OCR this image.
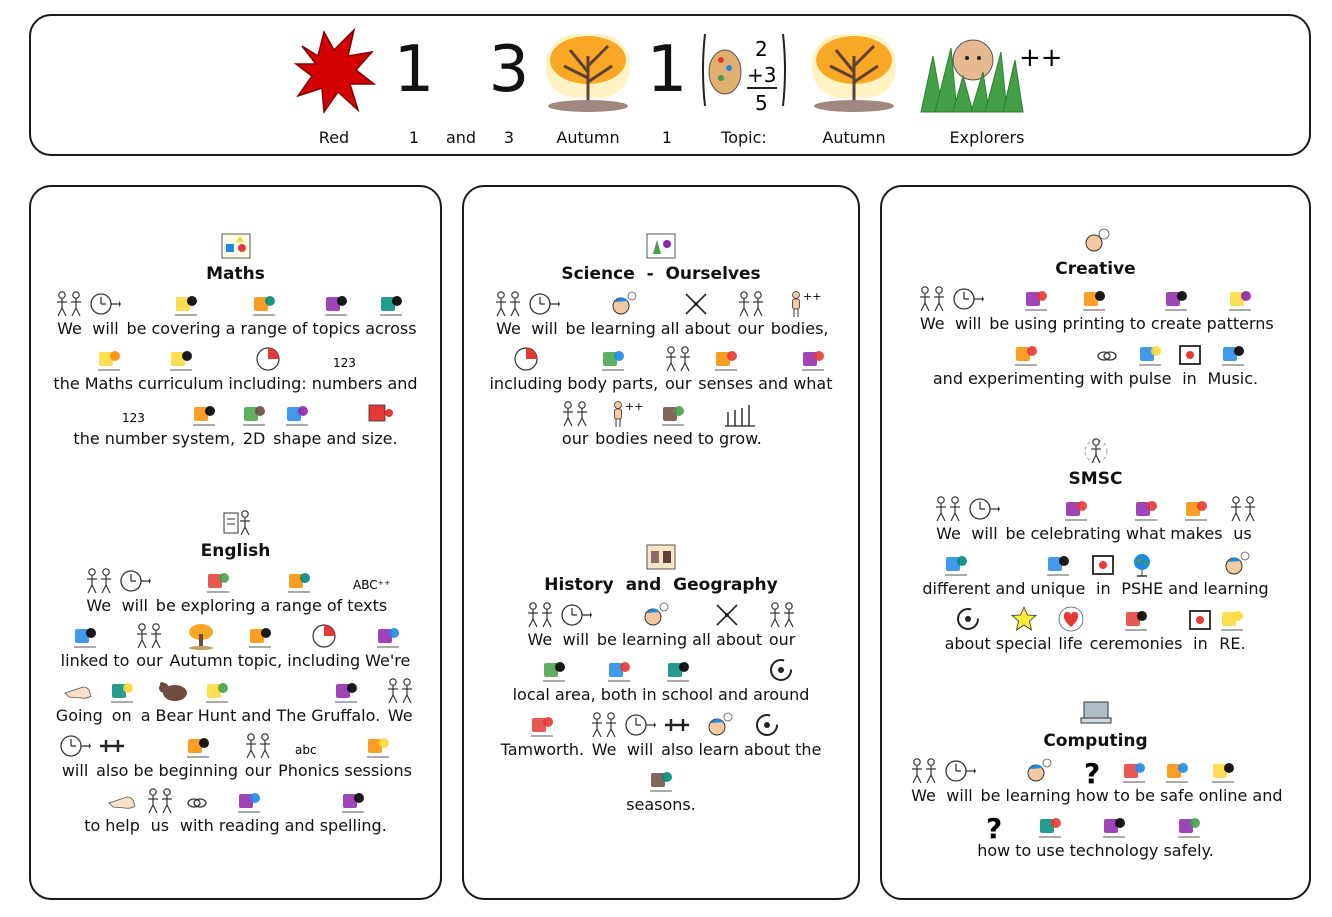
Red
1
1	and
3
3	Autumn
1
1
2
+3
5
Topic:	Autumn
++
Explorers
Maths
We will be covering a range of topics across
the Maths curriculum including:
123
numbers and
the
123
number system, 2D shape and size.
English
We will be exploring a range of
ABC⁺⁺
texts
linked to our Autumn topic, including We're
Going on a Bear Hunt and The Gruffalo. We
will also be beginning our
abc
Phonics sessions
to help us with reading and spelling.
Science  -  Ourselves
We will be learning all about our
++
bodies,
including body parts, our senses and what
our
++
bodies need to grow.
History  and  Geography
We will be learning all about our
local area, both in school and around
Tamworth. We will also learn about the
seasons.
Creative
We will be using printing to create patterns
and experimenting with pulse in Music.
SMSC
We will be celebrating what makes us
different and unique in PSHE and learning
about special life ceremonies in RE.
Computing
We will be learning
?
how to be safe online and
?
how to use technology safely.
